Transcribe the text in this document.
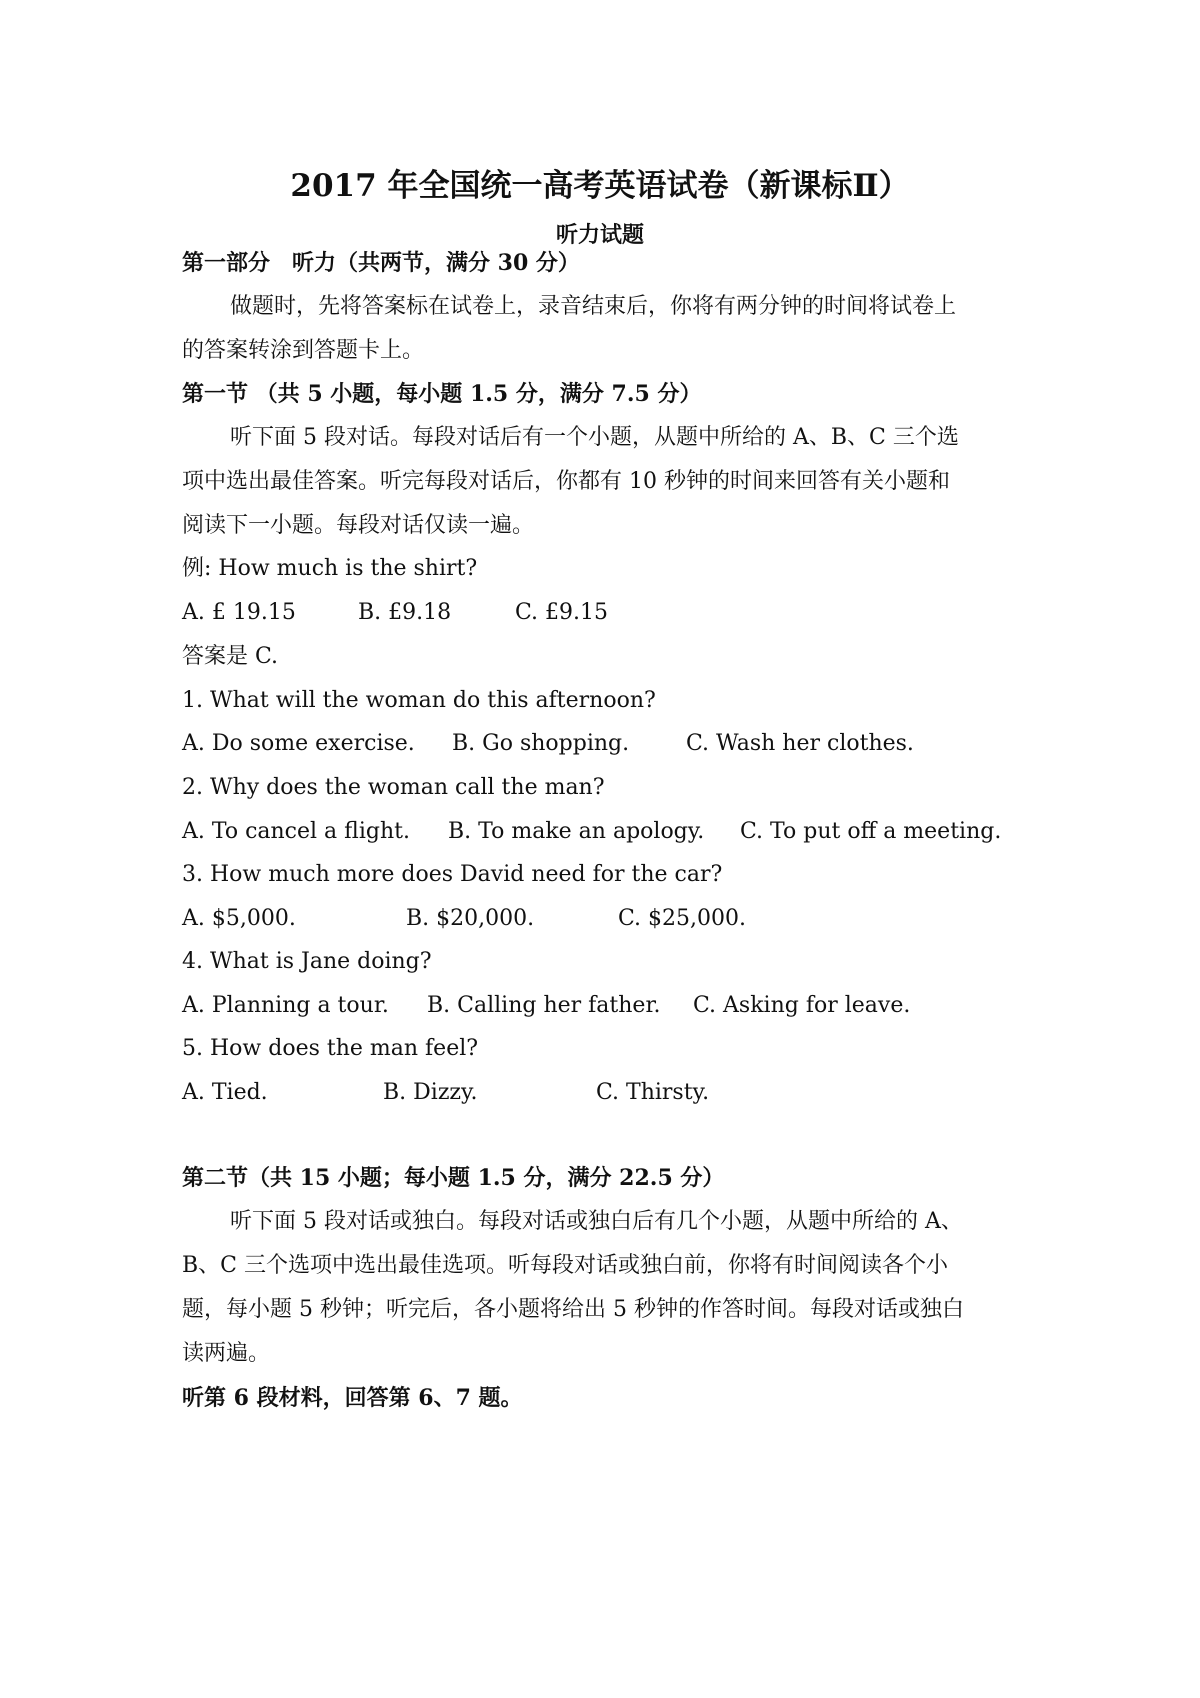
2017 年全国统一高考英语试卷（新课标Ⅱ）
听力试题
第一部分　听力（共两节，满分 30 分）
做题时，先将答案标在试卷上，录音结束后，你将有两分钟的时间将试卷上
的答案转涂到答题卡上。
第一节 （共 5 小题，每小题 1.5 分，满分 7.5 分）
听下面 5 段对话。每段对话后有一个小题，从题中所给的 A、B、C 三个选
项中选出最佳答案。听完每段对话后，你都有 10 秒钟的时间来回答有关小题和
阅读下一小题。每段对话仅读一遍。
例: How much is the shirt?
A. £ 19.15	B. £9.18	C. £9.15
答案是 C.
1. What will the woman do this afternoon?
A. Do some exercise. B. Go shopping.	C. Wash her clothes.
2. Why does the woman call the man?
A. To cancel a flight. B. To make an apology. C. To put off a meeting.
3. How much more does David need for the car?
A. $5,000.	B. $20,000.	C. $25,000.
4. What is Jane doing?
A. Planning a tour. B. Calling her father. C. Asking for leave.
5. How does the man feel?
A. Tied.	B. Dizzy.	C. Thirsty.
第二节（共 15 小题；每小题 1.5 分，满分 22.5 分）
听下面 5 段对话或独白。每段对话或独白后有几个小题，从题中所给的 A、
B、C 三个选项中选出最佳选项。听每段对话或独白前，你将有时间阅读各个小
题，每小题 5 秒钟；听完后，各小题将给出 5 秒钟的作答时间。每段对话或独白
读两遍。
听第 6 段材料，回答第 6、7 题。
